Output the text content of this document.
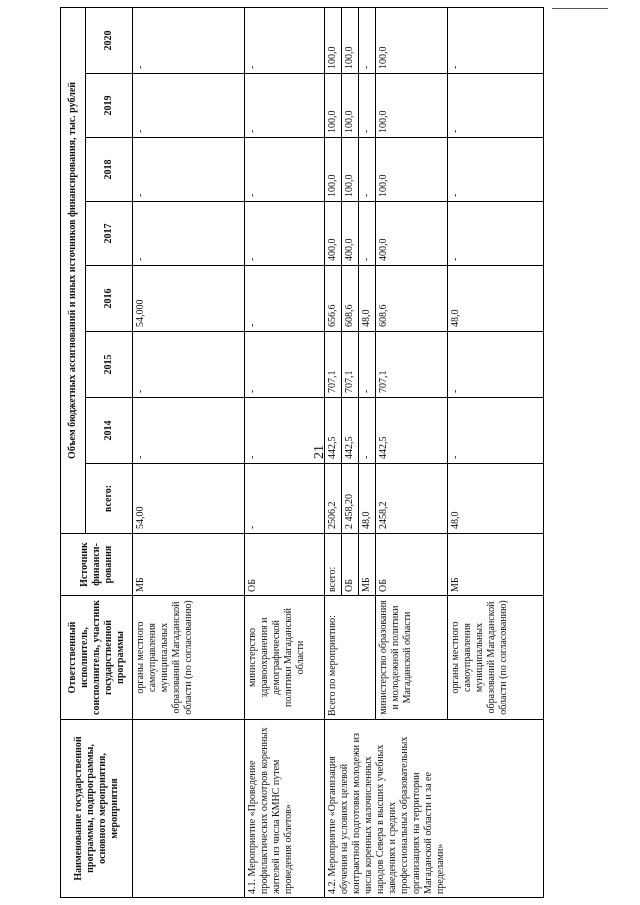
21
Наименование государственной программы, подпрограммы, основного мероприятия, мероприятия	Ответственный исполнитель, соисполнитель, участник государственной программы	Источник финанси-рования	Объем бюджетных ассигнований и иных источников финансирования, тыс. рублей							
			всего:	2014	2015	2016	2017	2018	2019	2020
	органы местного самоуправления муниципальных образований Магаданской области (по согласованию)	МБ	54,00	-	-	54,000	-	-	-	-
4.1. Мероприятие «Проведение профилактических осмотров коренных жителей из числа КМНС путем проведения облетов»	министерство здравоохранения и демографической политики Магаданской области	ОБ	-	-	-	-	-	-	-	-
4.2. Мероприятие «Организация обучения на условиях целевой контрактной подготовки молодежи из числа коренных малочисленных народов Севера в высших учебных заведениях и средних профессиональных образовательных организациях на территории Магаданской области и за ее пределами»	Всего по мероприятию:	всего:	2506,2	442,5	707,1	656,6	400,0	100,0	100,0	100,0
		ОБ	2 458,20	442,5	707,1	608,6	400,0	100,0	100,0	100,0
		МБ	48,0	-	-	48,0	-	-	-	-
	министерство образования и молодежной политики Магаданской области	ОБ	2458,2	442,5	707,1	608,6	400,0	100,0	100,0	100,0
	органы местного самоуправления муниципальных образований Магаданской области (по согласованию)	МБ	48,0	-	-	48,0	-	-	-	-
